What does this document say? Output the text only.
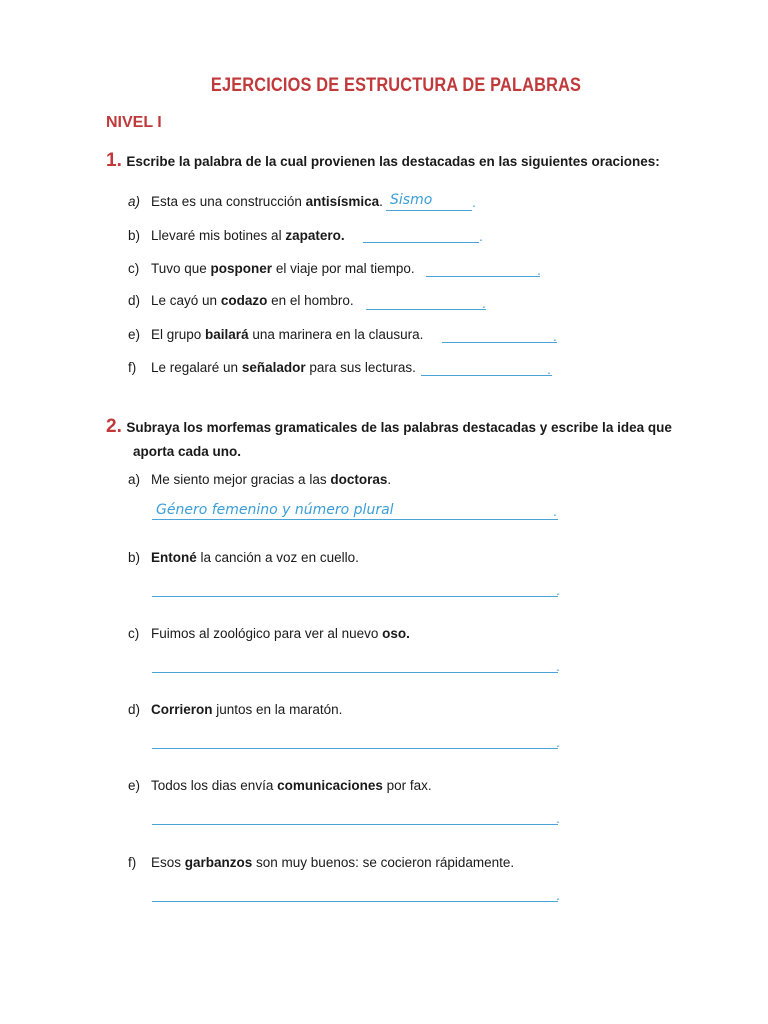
EJERCICIOS DE ESTRUCTURA DE PALABRAS
NIVEL I
1. Escribe la palabra de la cual provienen las destacadas en las siguientes oraciones:
a) Esta es una construcción antisísmica. Sismo	.
b) Llevaré mis botines al zapatero.	.
c) Tuvo que posponer el viaje por mal tiempo.	.
d) Le cayó un codazo en el hombro.	.
e) El grupo bailará una marinera en la clausura.	.
f) Le regalaré un señalador para sus lecturas.	.
2. Subraya los morfemas gramaticales de las palabras destacadas y escribe la idea que
aporta cada uno.
a) Me siento mejor gracias a las doctoras.
Género femenino y número plural	.
b) Entoné la canción a voz en cuello.
.
c) Fuimos al zoológico para ver al nuevo oso.
.
d) Corrieron juntos en la maratón.
.
e) Todos los dias envía comunicaciones por fax.
.
f) Esos garbanzos son muy buenos: se cocieron rápidamente.
.
